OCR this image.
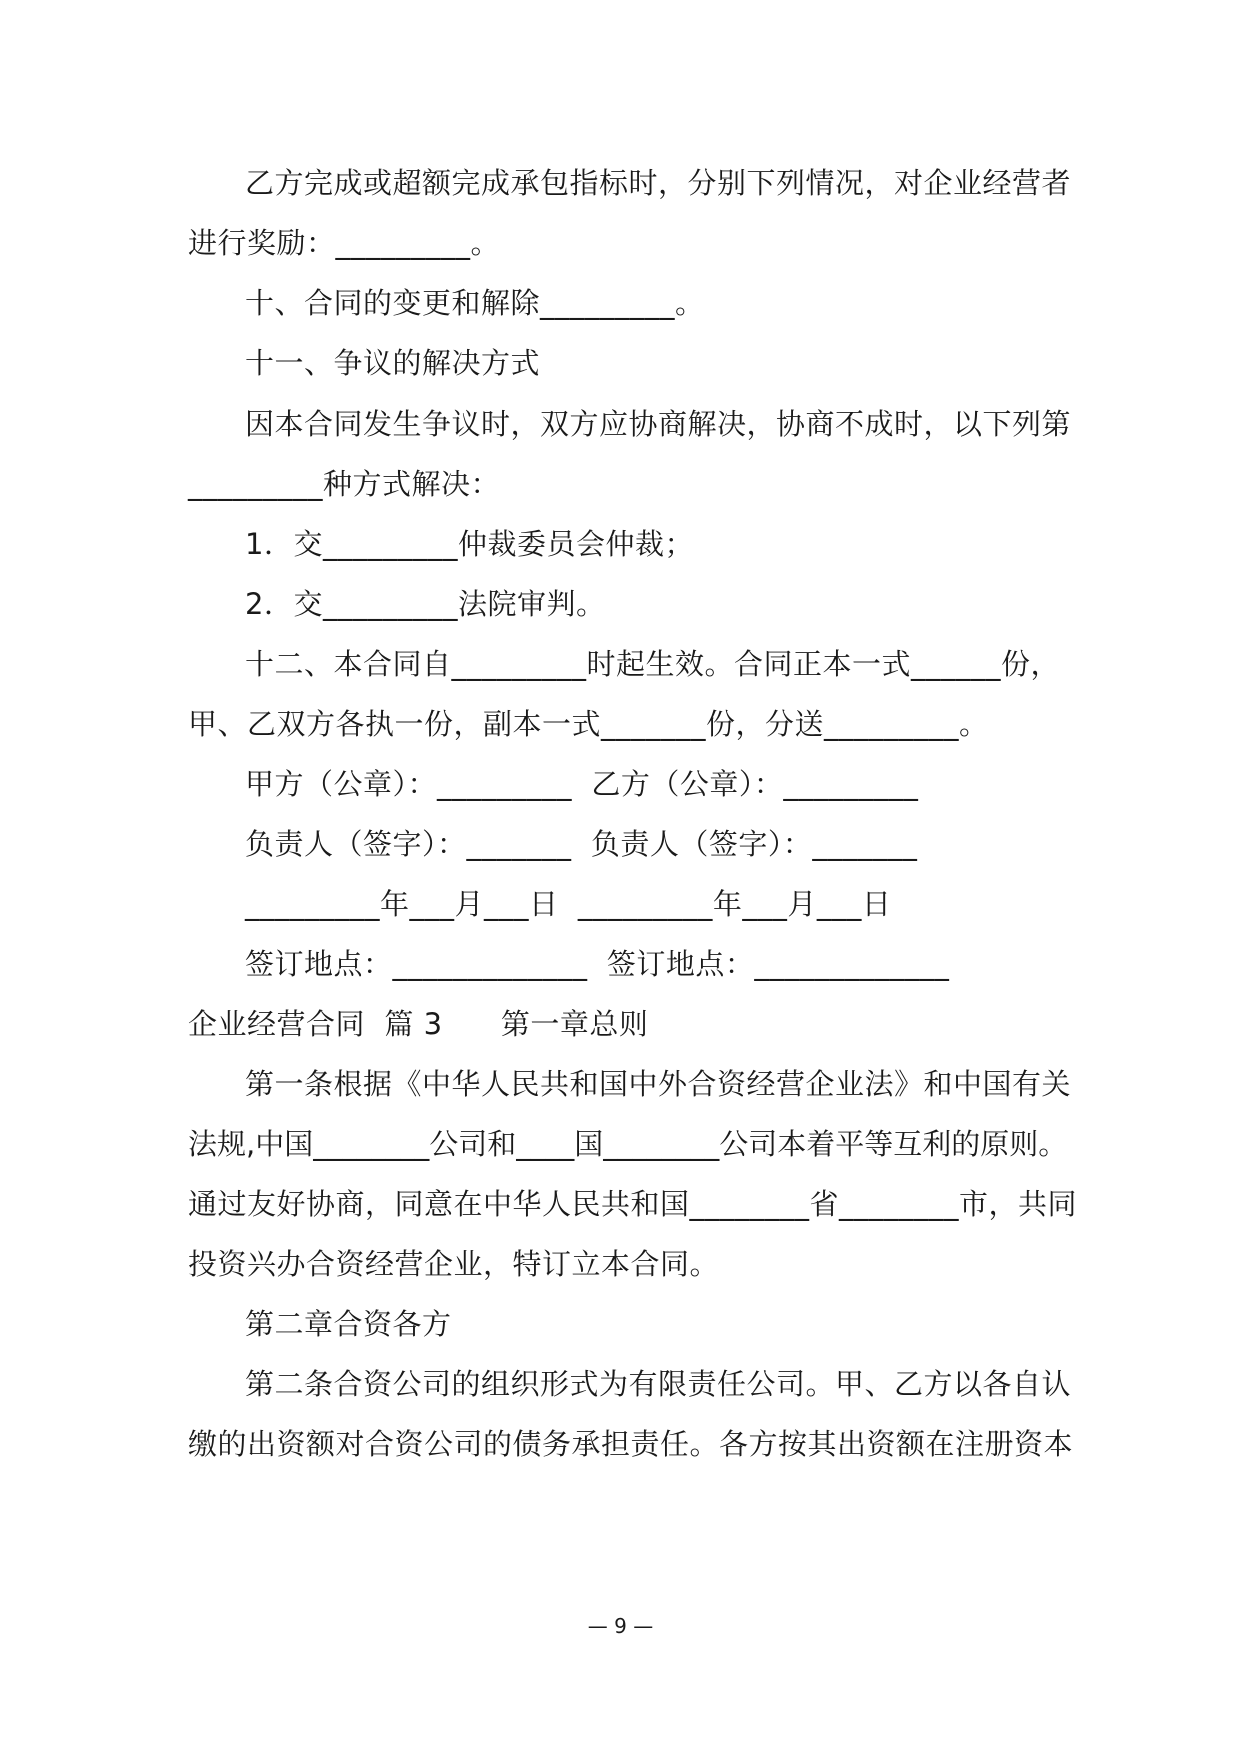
乙方完成或超额完成承包指标时，分别下列情况，对企业经营者
进行奖励：_________。
十、合同的变更和解除_________。
十一、争议的解决方式
因本合同发生争议时，双方应协商解决，协商不成时，以下列第
_________种方式解决：
1．交_________仲裁委员会仲裁；
2．交_________法院审判。
十二、本合同自_________时起生效。合同正本一式______份，
甲、乙双方各执一份，副本一式_______份，分送_________。
甲方（公章）：_________  乙方（公章）：_________
负责人（签字）：_______  负责人（签字）：_______
_________年___月___日  _________年___月___日
签订地点：_____________  签订地点：_____________
企业经营合同  篇 3      第一章总则
第一条根据《中华人民共和国中外合资经营企业法》和中国有关
法规,中国________公司和____国________公司本着平等互利的原则。
通过友好协商，同意在中华人民共和国________省________市，共同
投资兴办合资经营企业，特订立本合同。
第二章合资各方
第二条合资公司的组织形式为有限责任公司。甲、乙方以各自认
缴的出资额对合资公司的债务承担责任。各方按其出资额在注册资本
— 9 —
